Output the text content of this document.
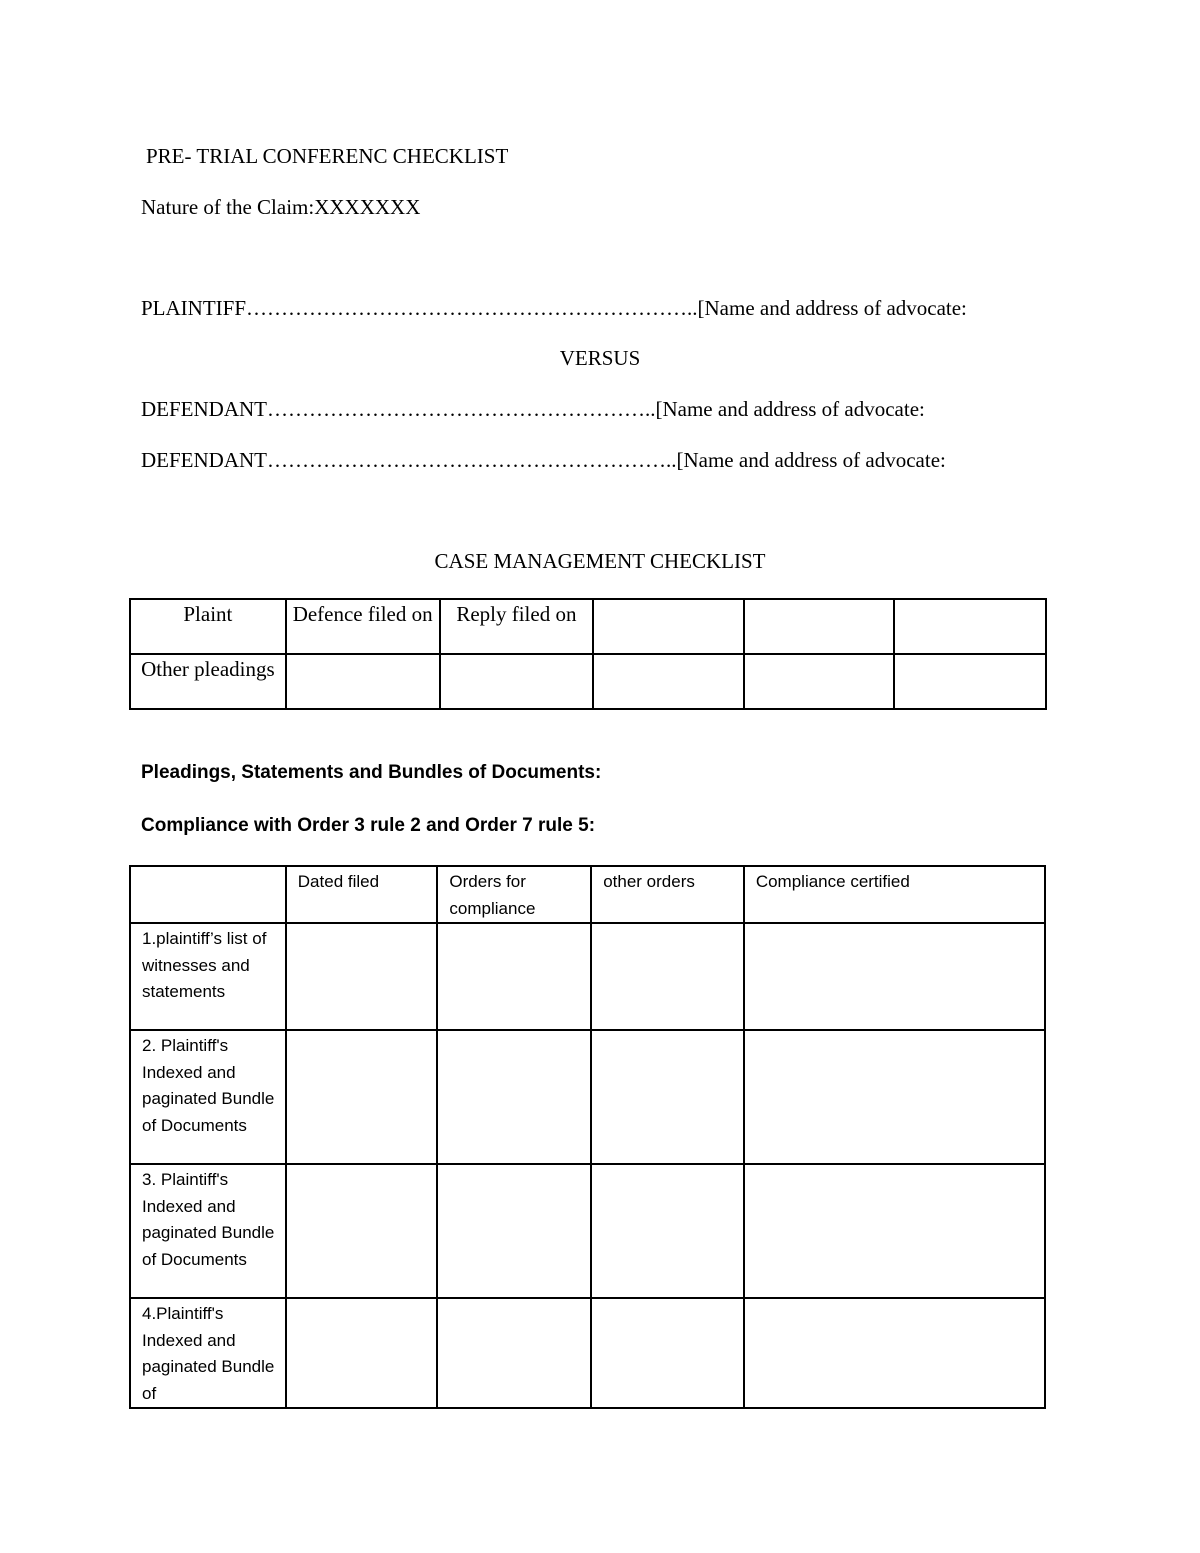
PRE- TRIAL CONFERENC CHECKLIST
Nature of the Claim:XXXXXXX
PLAINTIFF………………………………………………………..[Name and address of advocate:
VERSUS
DEFENDANT………………………………………………..[Name and address of advocate:
DEFENDANT…………………………………………………..[Name and address of advocate:
CASE MANAGEMENT CHECKLIST
Plaint	Defence filed on	Reply filed on			
Other pleadings					
Pleadings, Statements and Bundles of Documents:
Compliance with Order 3 rule 2 and Order 7 rule 5:
	Dated filed	Orders for compliance	other orders	Compliance certified
1.plaintiff’s list of witnesses and statements				
2. Plaintiff's Indexed and paginated Bundle of Documents				
3. Plaintiff's Indexed and paginated Bundle of Documents				
4.Plaintiff's Indexed and paginated Bundle of				
